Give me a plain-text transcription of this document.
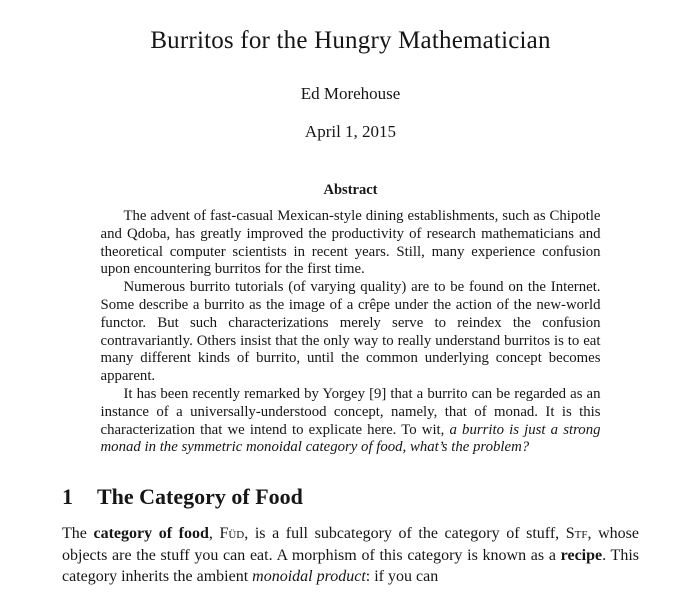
Burritos for the Hungry Mathematician
Ed Morehouse
April 1, 2015
Abstract

The advent of fast-casual Mexican-style dining establishments, such as Chipotle and Qdoba, has greatly improved the productivity of research mathematicians and theoretical computer scientists in recent years. Still, many experience confusion upon encountering burritos for the first time.

Numerous burrito tutorials (of varying quality) are to be found on the Internet. Some describe a burrito as the image of a crêpe under the action of the new-world functor. But such characterizations merely serve to reindex the confusion contravariantly. Others insist that the only way to really understand burritos is to eat many different kinds of burrito, until the common underlying concept becomes apparent.

It has been recently remarked by Yorgey [9] that a burrito can be regarded as an instance of a universally-understood concept, namely, that of monad. It is this characterization that we intend to explicate here. To wit, a burrito is just a strong monad in the symmetric monoidal category of food, what’s the problem?

1 The Category of Food

The category of food, Füd, is a full subcategory of the category of stuff, Stf, whose objects are the stuff you can eat. A morphism of this category is known as a recipe. This category inherits the ambient monoidal product: if you can
